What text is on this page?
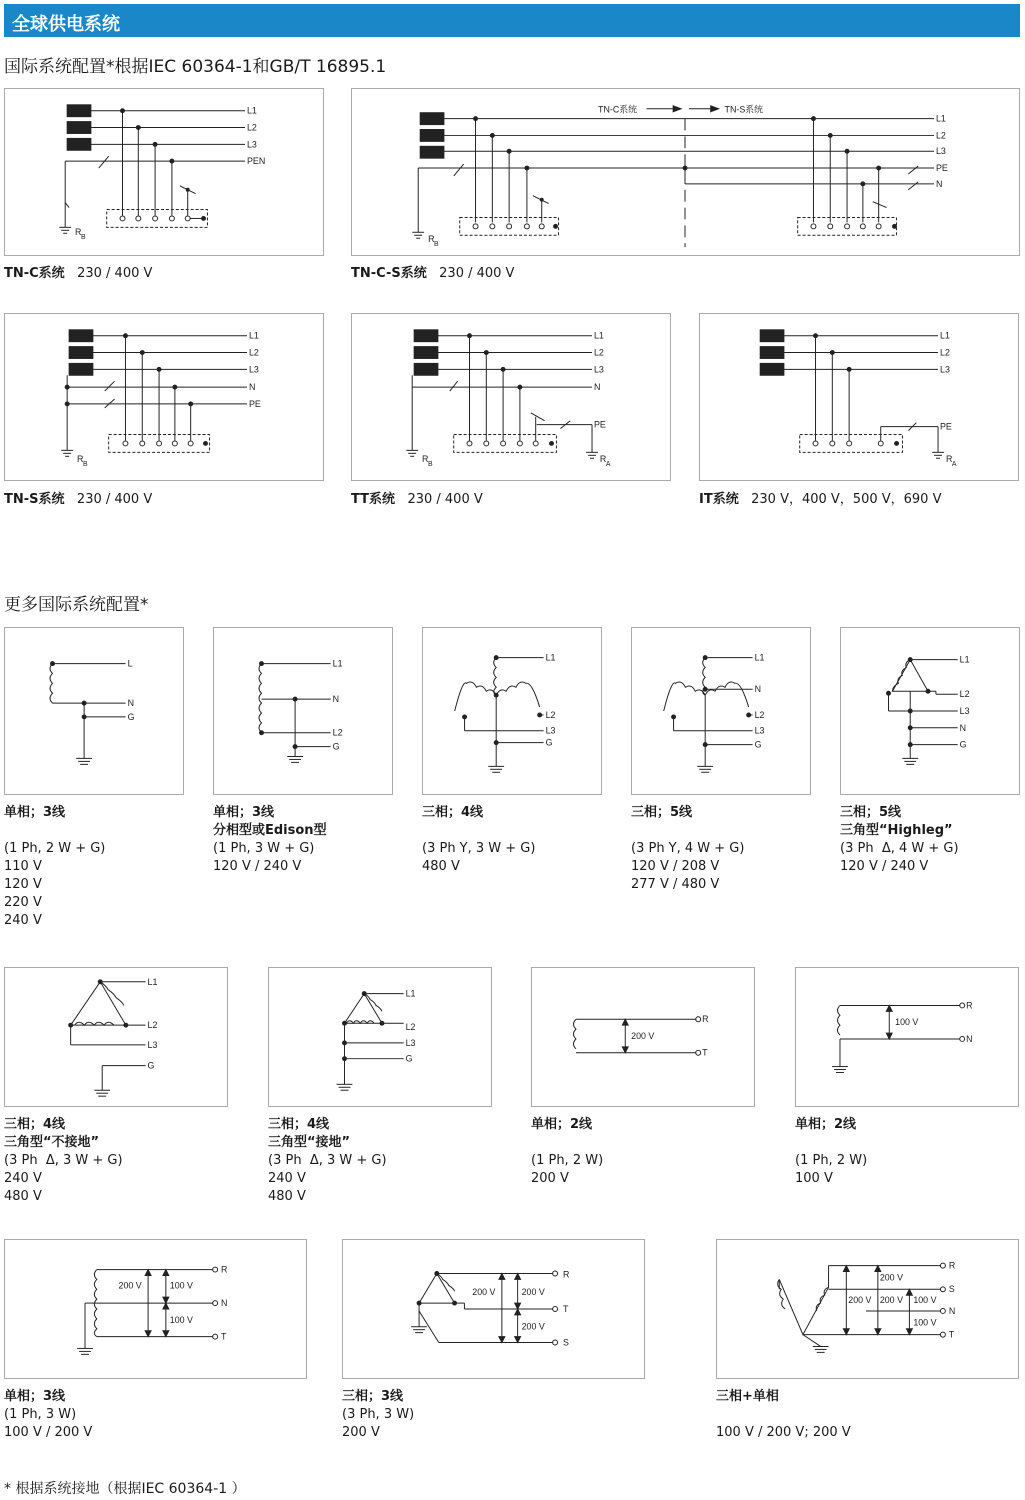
全球供电系统
国际系统配置*根据IEC 60364-1和GB/T 16895.1
L1
L2
L3
PEN
R
B
TN-C系统 230 / 400 V
TN-C系统	TN-S系统
L1
L2
L3
PE
N
R
B
TN-C-S系统 230 / 400 V
L1
L2
L3
N
PE
R
B
TN-S系统 230 / 400 V
L1
L2
L3
N
PE
R
B
R
A
TT系统 230 / 400 V
L1
L2
L3
PE
R
A
IT系统 230 V，400 V，500 V，690 V
更多国际系统配置*
L
N
G
L1
N
L2
G
L1
L2
L3
G
L1
N
L2
L3
G
L1
L2
L3
N
G
单相；3线

(1 Ph, 2 W + G)
110 V
120 V
220 V
240 V
单相；3线
分相型或Edison型
(1 Ph, 3 W + G)
120 V / 240 V
三相；4线

(3 Ph Y, 3 W + G)
480 V
三相；5线

(3 Ph Y, 4 W + G)
120 V / 208 V
277 V / 480 V
三相；5线
三角型“Highleg”
(3 Ph  Δ, 4 W + G)
120 V / 240 V
L1
L2
L3
G
L1
L2
L3
G
200 V
R
T
100 V
R
N
三相；4线
三角型“不接地”
(3 Ph  Δ, 3 W + G)
240 V
480 V
三相；4线
三角型“接地”
(3 Ph  Δ, 3 W + G)
240 V
480 V
单相；2线

(1 Ph, 2 W)
200 V
单相；2线

(1 Ph, 2 W)
100 V
200 V	100 V
100 V
R
N
T
200 V	200 V
200 V
R
T
S
200 V
200 V 200 V 100 V
100 V
R
S
N
T
单相；3线
(1 Ph, 3 W)
100 V / 200 V
三相；3线
(3 Ph, 3 W)
200 V
三相+单相

100 V / 200 V; 200 V
* 根据系统接地（根据IEC 60364-1 ）
